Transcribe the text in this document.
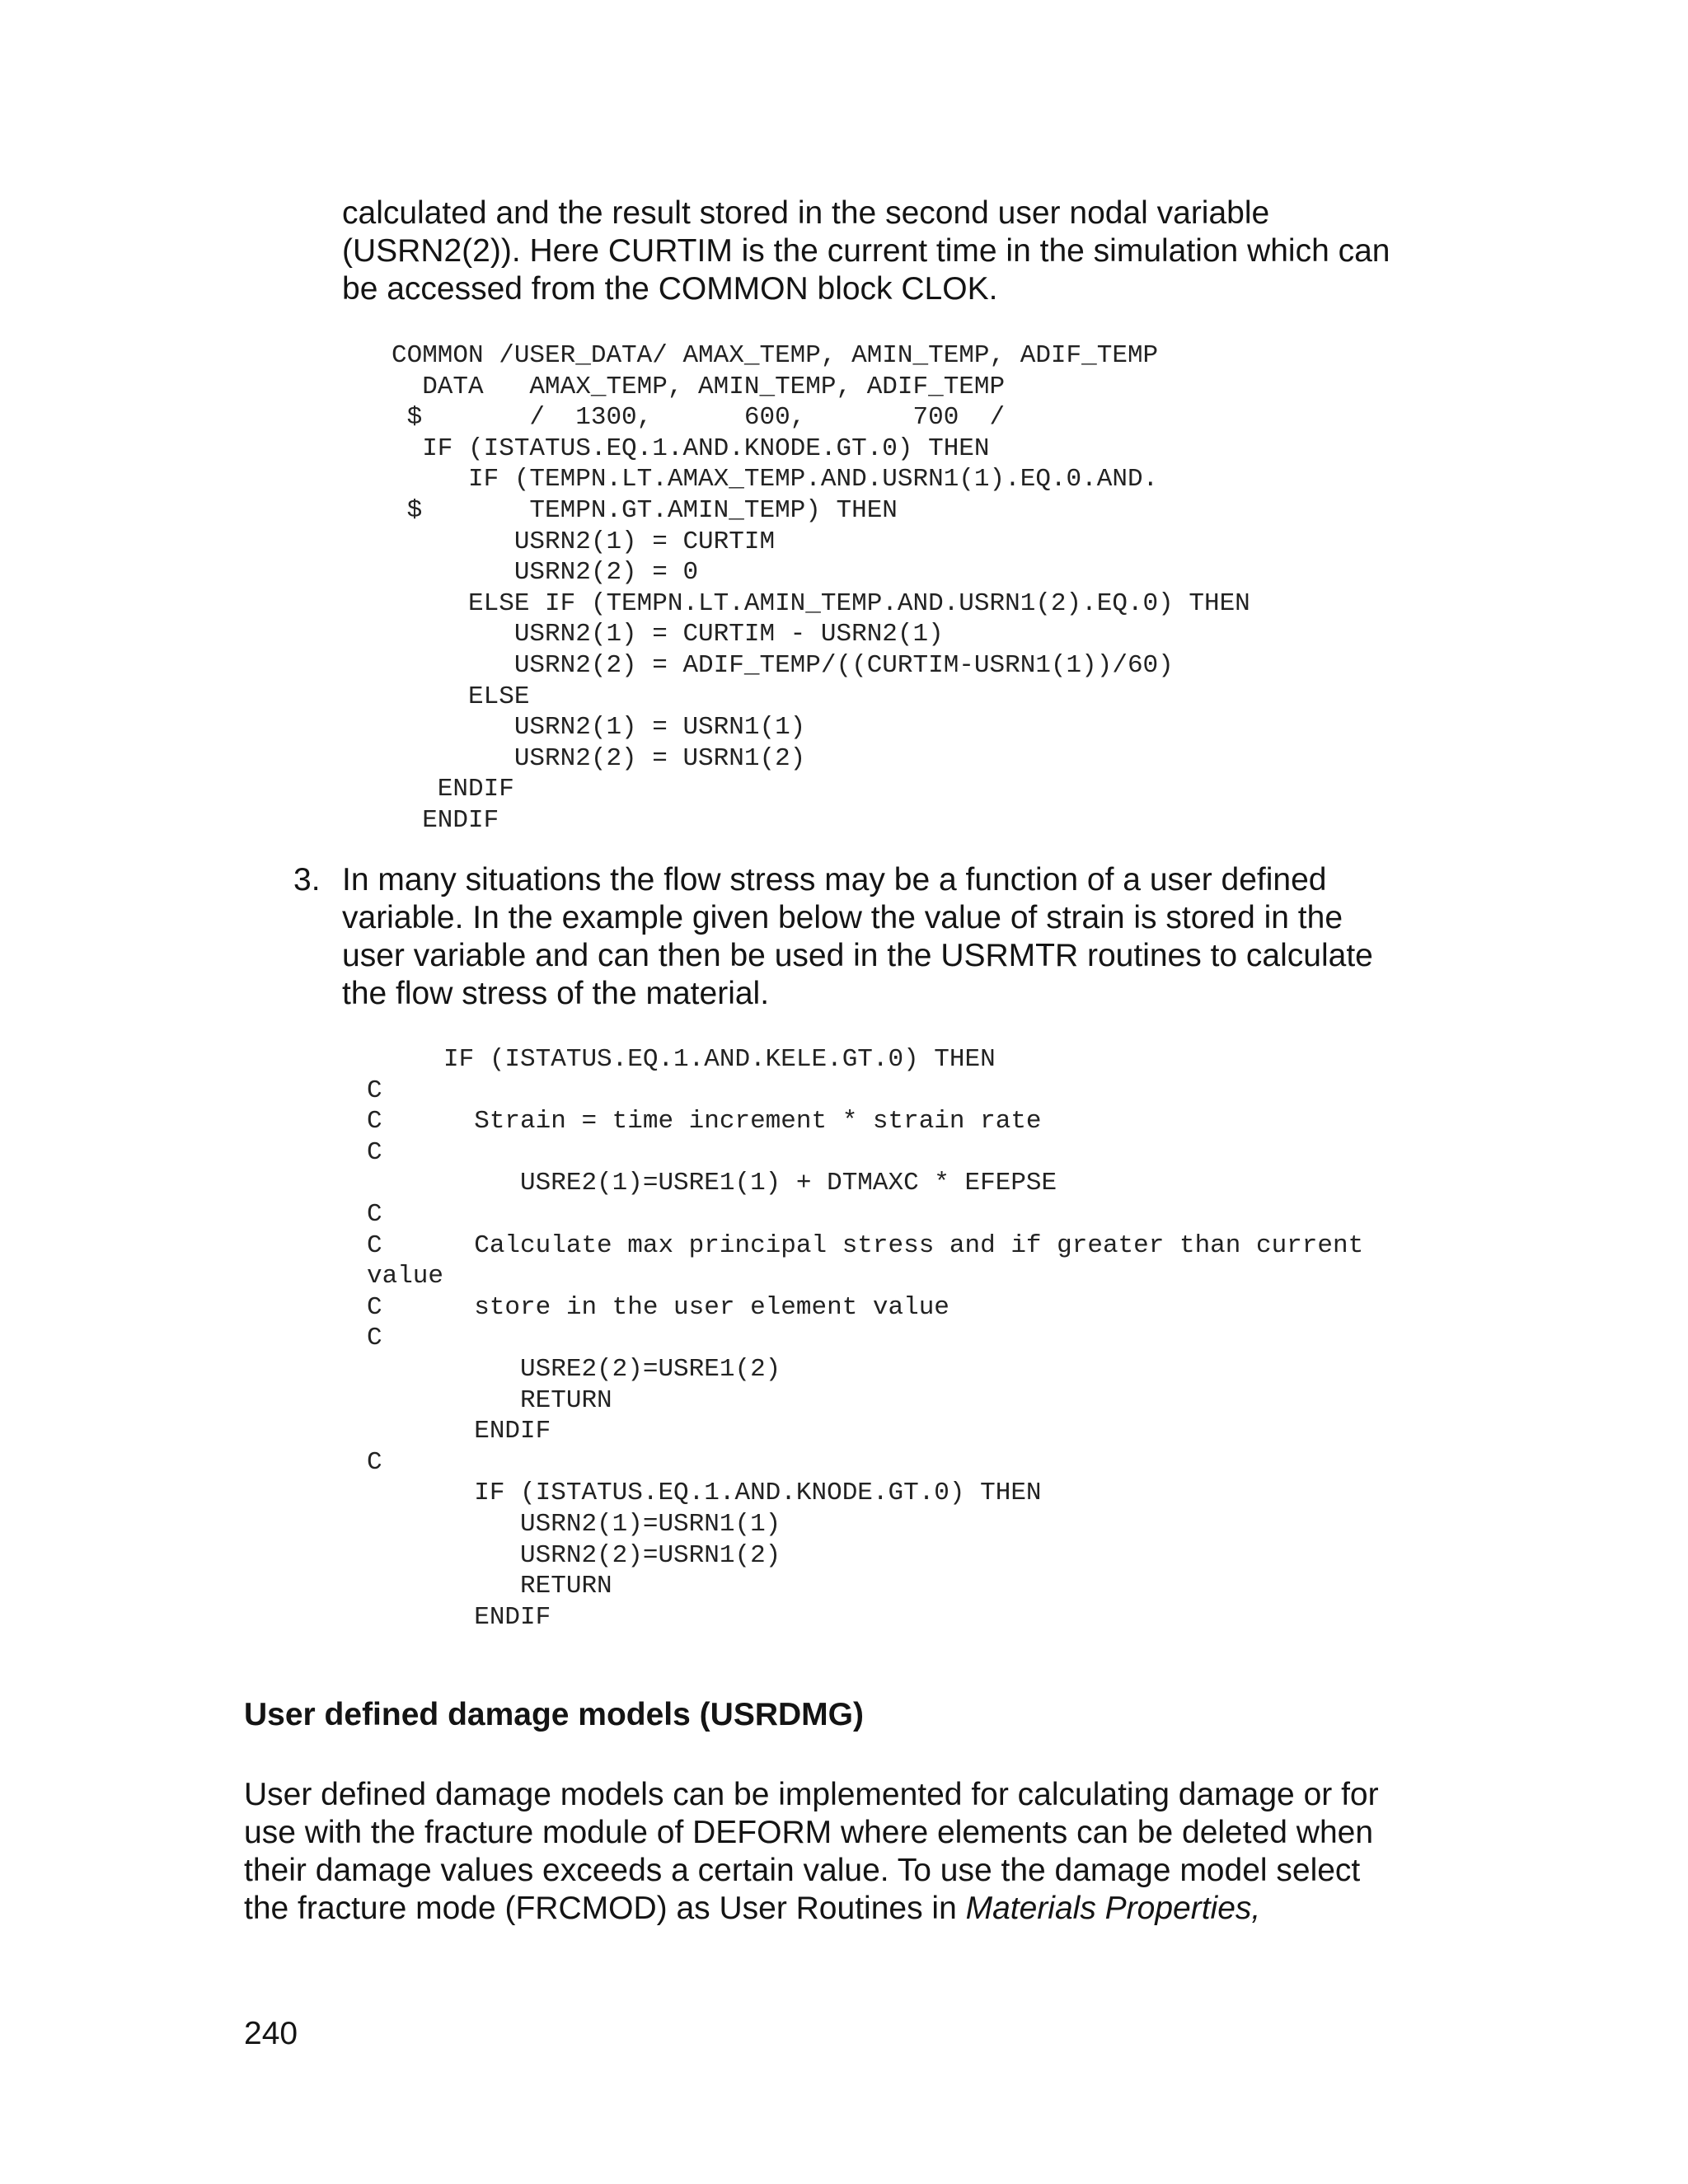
calculated and the result stored in the second user nodal variable
(USRN2(2)). Here CURTIM is the current time in the simulation which can
be accessed from the COMMON block CLOK.
COMMON /USER_DATA/ AMAX_TEMP, AMIN_TEMP, ADIF_TEMP
DATA   AMAX_TEMP, AMIN_TEMP, ADIF_TEMP
$       /  1300,      600,       700  /
IF (ISTATUS.EQ.1.AND.KNODE.GT.0) THEN
IF (TEMPN.LT.AMAX_TEMP.AND.USRN1(1).EQ.0.AND.
$       TEMPN.GT.AMIN_TEMP) THEN
USRN2(1) = CURTIM
USRN2(2) = 0
ELSE IF (TEMPN.LT.AMIN_TEMP.AND.USRN1(2).EQ.0) THEN
USRN2(1) = CURTIM - USRN2(1)
USRN2(2) = ADIF_TEMP/((CURTIM-USRN1(1))/60)
ELSE
USRN2(1) = USRN1(1)
USRN2(2) = USRN1(2)
ENDIF
ENDIF
3. In many situations the flow stress may be a function of a user defined
variable. In the example given below the value of strain is stored in the
user variable and can then be used in the USRMTR routines to calculate
the flow stress of the material.
IF (ISTATUS.EQ.1.AND.KELE.GT.0) THEN
C
C      Strain = time increment * strain rate
C
USRE2(1)=USRE1(1) + DTMAXC * EFEPSE
C
C      Calculate max principal stress and if greater than current
value
C      store in the user element value
C
USRE2(2)=USRE1(2)
RETURN
ENDIF
C
IF (ISTATUS.EQ.1.AND.KNODE.GT.0) THEN
USRN2(1)=USRN1(1)
USRN2(2)=USRN1(2)
RETURN
ENDIF
User defined damage models (USRDMG)
User defined damage models can be implemented for calculating damage or for
use with the fracture module of DEFORM where elements can be deleted when
their damage values exceeds a certain value. To use the damage model select
the fracture mode (FRCMOD) as User Routines in Materials Properties,
240
